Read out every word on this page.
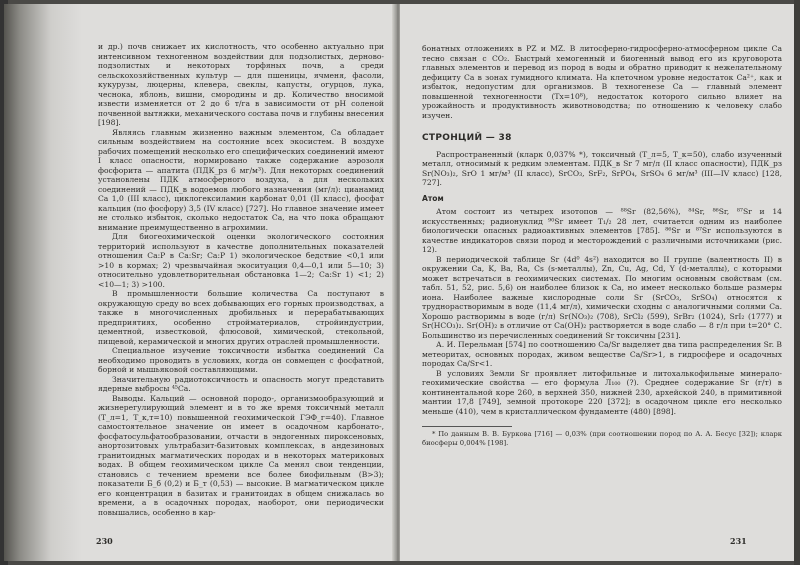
и др.) почв снижает их кислотность, что особенно актуально при интенсивном техногенном воздействии для подзолистых, дерново-подзолистых и некоторых торфяных почв, а среди сельскохозяйственных культур — для пшеницы, ячменя, фасоли, кукурузы, люцерны, клевера, свеклы, капусты, огурцов, лука, чеснока, яблонь, вишни, смородины и др. Количество вносимой извести изменяется от 2 до 6 т/га в зависимости от pH соленой почвенной вытяжки, механического состава почв и глубины внесения [198].

Являясь главным жизненно важным элементом, Са обладает сильным воздействием на состояние всех экосистем. В воздухе рабочих помещений несколько его специфических соединений имеют I класс опасности, нормировано также содержание аэрозоля фосфорита — апатита (ПДК_рз 6 мг/м³). Для некоторых соединений установлены ПДК атмосферного воздуха, а для нескольких соединений — ПДК_в водоемов любого назначения (мг/л): цианамид Са 1,0 (III класс), циклогексиламин карбонат 0,01 (II класс), фосфат кальция (по фосфору) 3,5 (IV класс) [727]. Но главное значение имеет не столько избыток, сколько недостаток Са, на что пока обращают внимание преимущественно в агрохимии.

Для биогеохимической оценки экологического состояния территорий используют в качестве дополнительных показателей отношения Са:Р в Са:Sr; Са:Р 1) экологическое бедствие <0,1 или >10 в кормах; 2) чрезвычайная экоситуация 0,4—0,1 или 5—10; 3) относительно удовлетворительная обстановка 1—2; Са:Sr 1) <1; 2) <10—1; 3) >100.

В промышленности большие количества Са поступают в окружающую среду во всех добывающих его горных производствах, а также в многочисленных дробильных и перерабатывающих предприятиях, особенно стройматериалов, стройиндустрии, цементной, известковой, флюсовой, химической, стекольной, пищевой, керамической и многих других отраслей промышленности.

Специальное изучение токсичности избытка соединений Са необходимо проводить в условиях, когда он совмещен с фосфатной, борной и мышьяковой составляющими.

Значительную радиотоксичность и опасность могут представить ядерные выбросы ⁴⁵Са.

Выводы. Кальций — основной породо-, организмообразующий и жизнерегулирующий элемент и в то же время токсичный металл (Т_л=1, Т_к,т=10) повышенной геохимической ГЭФ_г=40). Главное самостоятельное значение он имеет в осадочном карбонато-, фосфатосульфатообразовании, отчасти в эндогенных пироксеновых, анортозитовых ультрабазит-базитовых комплексах, в андезиновых гранитоидных магматических породах и в некоторых материковых водах. В общем геохимическом цикле Са менял свои тенденции, становясь с течением времени все более биофильным (B>3); показатели Б_б (0,2) и Б_т (0,53) — высокие. В магматическом цикле его концентрация в базитах и гранитоидах в общем снижалась во времени, а в осадочных породах, наоборот, они периодически повышались, особенно в кар-

230

бонатных отложениях в PZ и MZ. В литосферно-гидросферно-атмосферном цикле Са тесно связан с СО₂. Быстрый хемогенный и биогенный вывод его из круговорота главных элементов и перевод из пород в воды и обратно приводит к нежелательному дефициту Са в зонах гумидного климата. На клеточном уровне недостаток Са²⁺, как и избыток, недопустим для организмов. В техногенезе Са — главный элемент повышенной техногенности (Тх=10⁸), недостаток которого сильно влияет на урожайность и продуктивность животноводства; по отношению к человеку слабо изучен.

СТРОНЦИЙ — 38

Распространенный (кларк 0,037% *), токсичный (Т_л=5, Т_к=50), слабо изученный металл, относимый к редким элементам. ПДК_в Sr 7 мг/л (II класс опасности), ПДК_рз Sr(NO₃)₂, SrO 1 мг/м³ (II класс), SrCO₃, SrF₂, SrPO₄, SrSO₄ 6 мг/м³ (III—IV класс) [128, 727].

Атом

Атом состоит из четырех изотопов — ⁸⁸Sr (82,56%), ⁸⁴Sr, ⁸⁶Sr, ⁸⁷Sr и 14 искусственных; радионуклид ⁹⁰Sr имеет T₁/₂ 28 лет, считается одним из наиболее биологически опасных радиоактивных элементов [785]. ⁸⁶Sr и ⁸⁷Sr используются в качестве индикаторов связи пород и месторождений с различными источниками (рис. 12).

В периодической таблице Sr (4d⁰ 4s²) находится во II группе (валентность II) в окружении Са, K, Ba, Ra, Cs (s-металлы), Zn, Cu, Ag, Cd, Y (d-металлы), с которыми может встречаться в геохимических системах. По многим основным свойствам (см. табл. 51, 52, рис. 5,6) он наиболее близок к Са, но имеет несколько больше размеры иона. Наиболее важные кислородные соли Sr (SrCO₃, SrSO₄) относятся к труднорастворимым в воде (11,4 мг/л), химически сходны с аналогичными солями Са. Хорошо растворимы в воде (г/л) Sr(NO₃)₂ (708), SrCl₂ (599), SrBr₂ (1024), SrI₂ (1777) и Sr(HCO₃)₂. Sr(OH)₂ в отличие от Са(OH)₂ растворяется в воде слабо — 8 г/л при t=20° С. Большинство из перечисленных соединений Sr токсичны [231].

А. И. Перельман [574] по соотношению Са/Sr выделяет два типа распределения Sr. В метеоритах, основных породах, живом веществе Са/Sr>1, в гидросфере и осадочных породах Са/Sr<1.

В условиях Земли Sr проявляет литофильные и литохалькофильные минерало-геохимические свойства — его формула Л₁₀₀ (?). Среднее содержание Sr (г/т) в континентальной коре 260, в верхней 350, нижней 230, архейской 240, в примитивной мантии 17,8 [749], земной протокоре 220 [372]; в осадочном цикле его несколько меньше (410), чем в кристаллическом фундаменте (480) [898].

* По данным В. В. Буркова [716] — 0,03% (при соотношении пород по А. А. Бесус [32]); кларк биосферы 0,004% [198].

231
